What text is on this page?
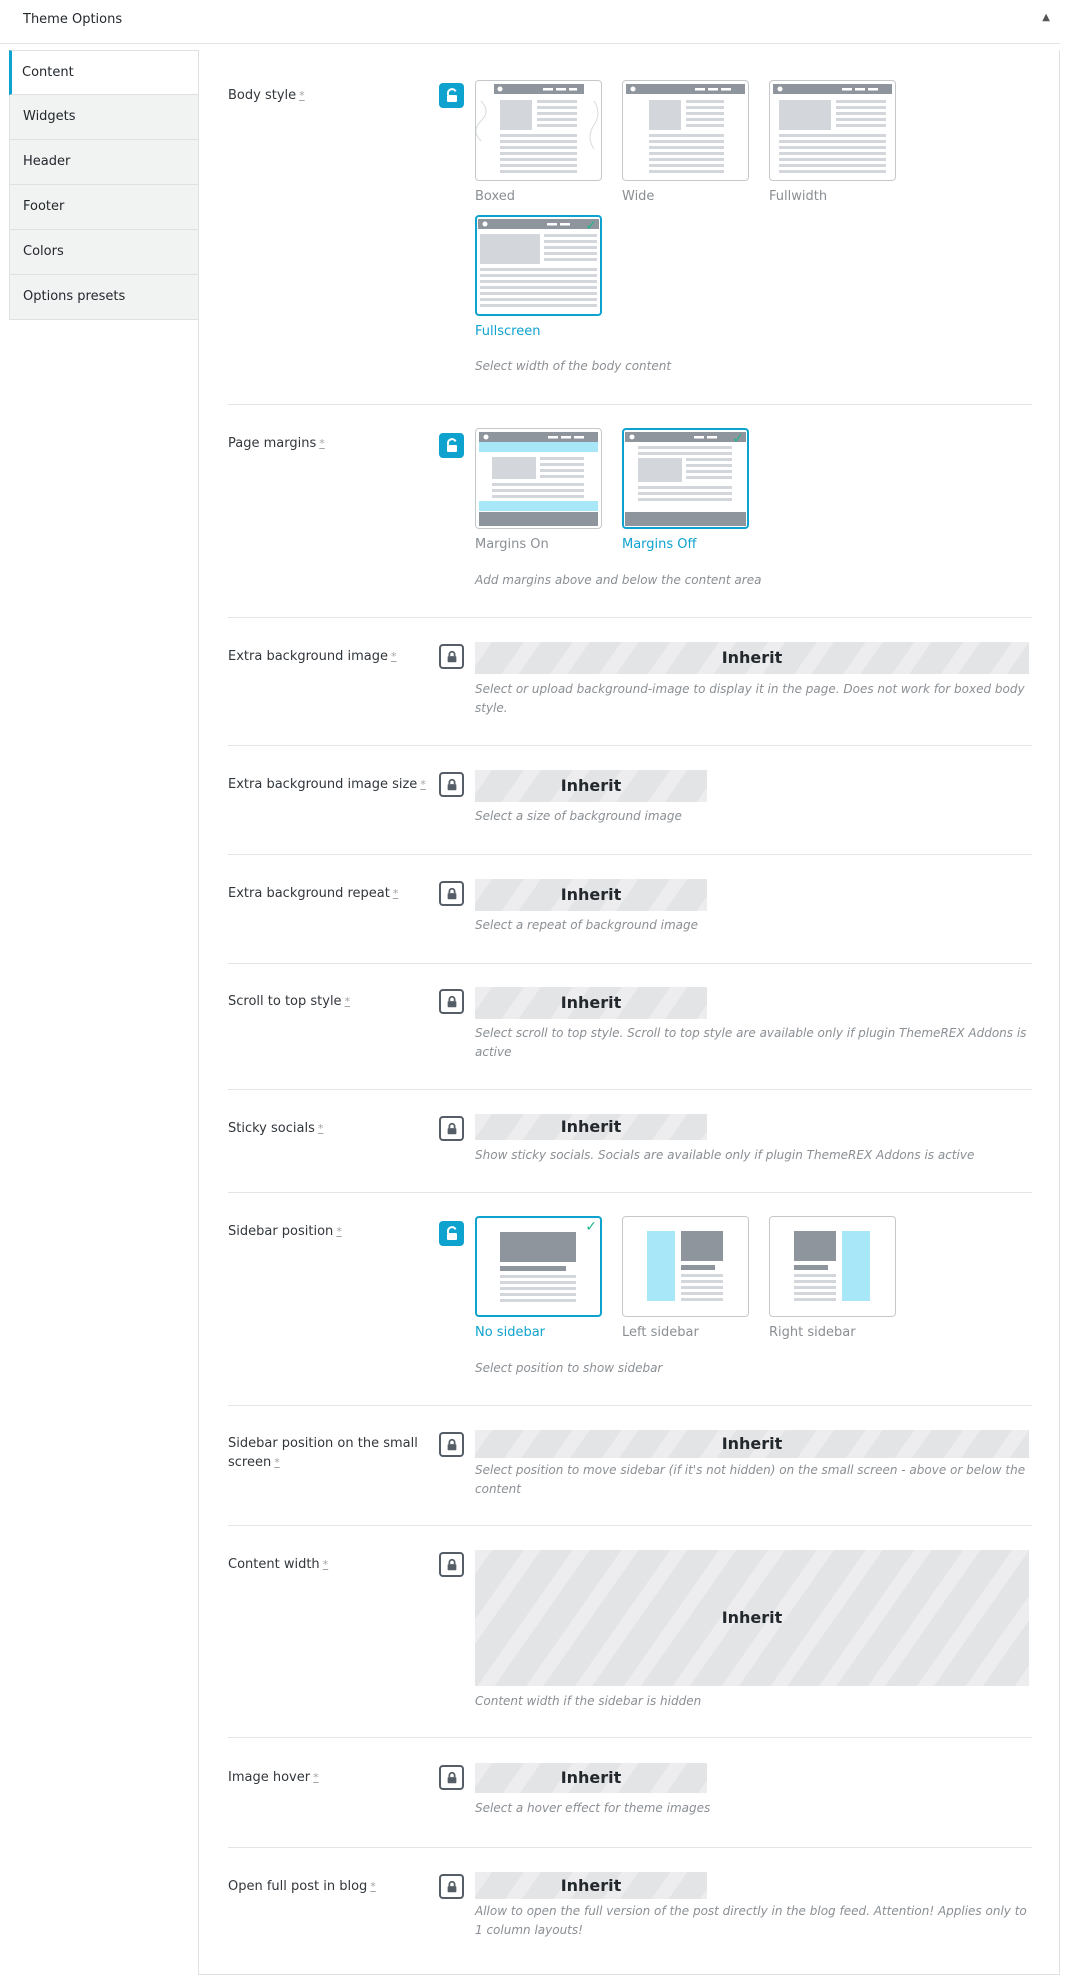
Theme Options	▲
Content
Widgets
Header
Footer
Colors
Options presets
Body style *
Boxed	Wide	Fullwidth
✓
Fullscreen
Select width of the body content
Page margins *
Margins On
✓
Margins Off
Add margins above and below the content area
Extra background image *	Inherit
Select or upload background-image to display it in the page. Does not work for boxed body style.
Extra background image size *	Inherit
Select a size of background image
Extra background repeat *	Inherit
Select a repeat of background image
Scroll to top style *	Inherit
Select scroll to top style. Scroll to top style are available only if plugin ThemeREX Addons is active
Sticky socials *	Inherit
Show sticky socials. Socials are available only if plugin ThemeREX Addons is active
Sidebar position *	✓
No sidebar	Left sidebar	Right sidebar
Select position to show sidebar
Sidebar position on the small screen *
Inherit
Select position to move sidebar (if it's not hidden) on the small screen - above or below the content
Content width *
Inherit
Content width if the sidebar is hidden
Image hover *	Inherit
Select a hover effect for theme images
Open full post in blog *	Inherit
Allow to open the full version of the post directly in the blog feed. Attention! Applies only to 1 column layouts!
